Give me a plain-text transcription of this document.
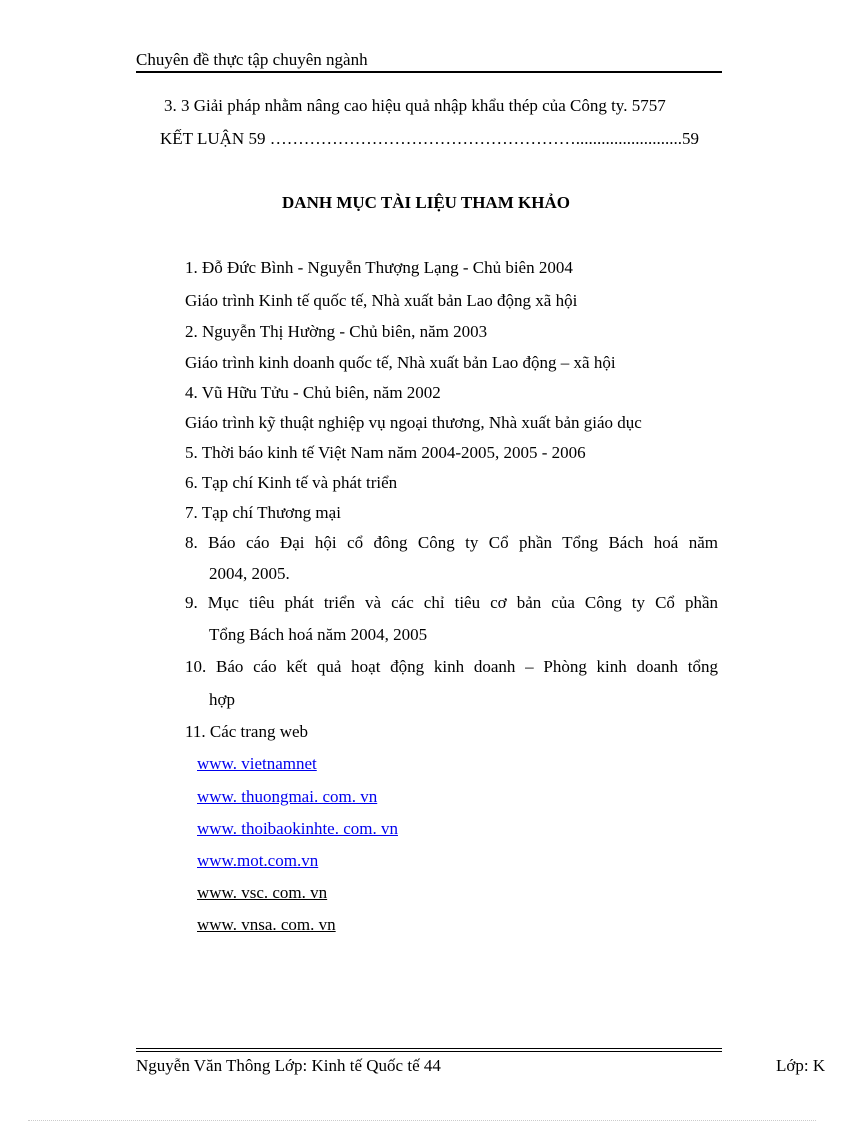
Chuyên đề thực tập chuyên ngành
3. 3 Giải pháp nhằm nâng cao hiệu quả nhập khẩu thép của Công ty. 5757
KẾT LUẬN 59 ……………………………………………….........................59
DANH MỤC TÀI LIỆU THAM KHẢO
1. Đỗ Đức Bình - Nguyễn Thượng Lạng - Chủ biên 2004
Giáo trình Kinh tế quốc tế, Nhà xuất bản Lao động xã hội
2. Nguyễn Thị Hường - Chủ biên, năm 2003
Giáo trình kinh doanh quốc tế, Nhà xuất bản Lao động – xã hội
4. Vũ Hữu Tửu - Chủ biên, năm 2002
Giáo trình kỹ thuật nghiệp vụ ngoại thương, Nhà xuất bản giáo dục
5. Thời báo kinh tế Việt Nam năm 2004-2005, 2005 - 2006
6. Tạp chí Kinh tế và phát triển
7. Tạp chí Thương mại
8. Báo cáo Đại hội cổ đông Công ty Cổ phần Tổng Bách hoá năm
2004, 2005.
9. Mục tiêu phát triển và các chỉ tiêu cơ bản của Công ty Cổ phần
Tổng Bách hoá năm 2004, 2005
10. Báo cáo kết quả hoạt động kinh doanh – Phòng kinh doanh tổng
hợp
11. Các trang web
www. vietnamnet
www. thuongmai. com. vn
www. thoibaokinhte. com. vn
www.mot.com.vn
www. vsc. com. vn
www. vnsa. com. vn
Nguyễn Văn Thông Lớp: Kinh tế Quốc tế 44	Lớp: K
